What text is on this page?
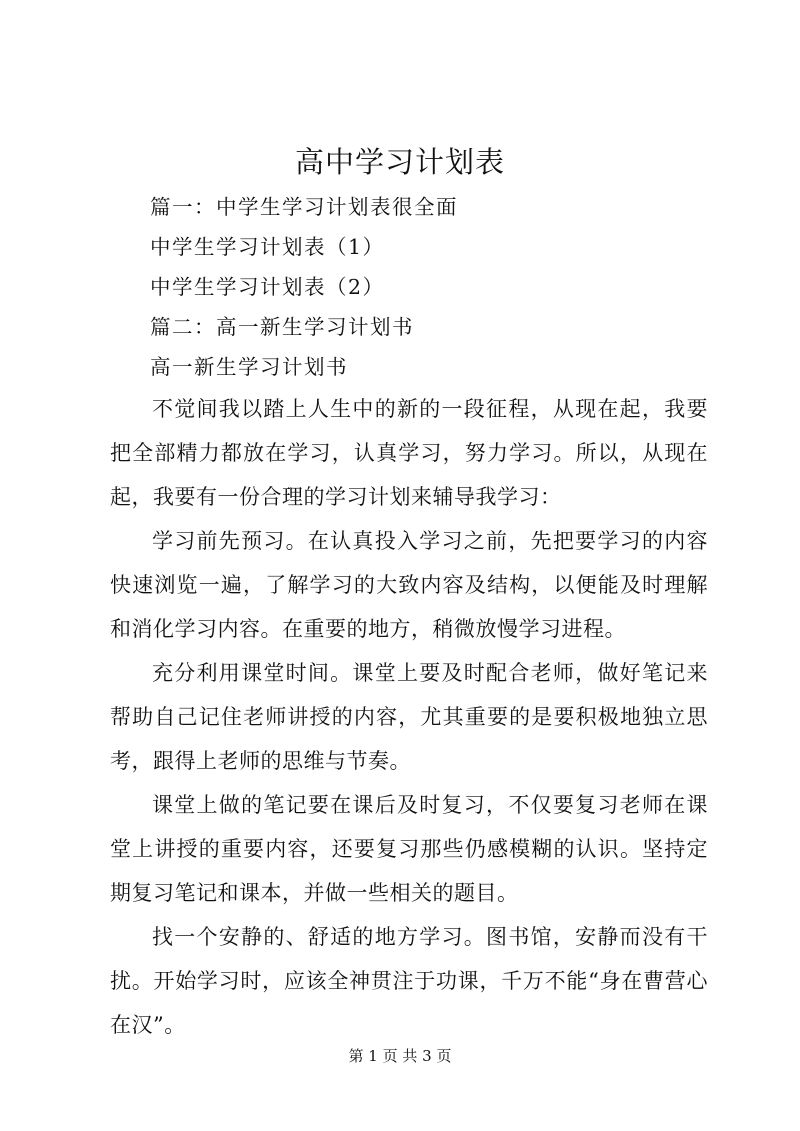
高中学习计划表
篇一：中学生学习计划表很全面
中学生学习计划表（1）
中学生学习计划表（2）
篇二：高一新生学习计划书
高一新生学习计划书

不觉间我以踏上人生中的新的一段征程，从现在起，我要把全部精力都放在学习，认真学习，努力学习。所以，从现在起，我要有一份合理的学习计划来辅导我学习：

学习前先预习。在认真投入学习之前，先把要学习的内容快速浏览一遍，了解学习的大致内容及结构，以便能及时理解和消化学习内容。在重要的地方，稍微放慢学习进程。

充分利用课堂时间。课堂上要及时配合老师，做好笔记来帮助自己记住老师讲授的内容，尤其重要的是要积极地独立思考，跟得上老师的思维与节奏。

课堂上做的笔记要在课后及时复习，不仅要复习老师在课堂上讲授的重要内容，还要复习那些仍感模糊的认识。坚持定期复习笔记和课本，并做一些相关的题目。

找一个安静的、舒适的地方学习。图书馆，安静而没有干扰。开始学习时，应该全神贯注于功课，千万不能“身在曹营心在汉”。

第 1 页 共 3 页
